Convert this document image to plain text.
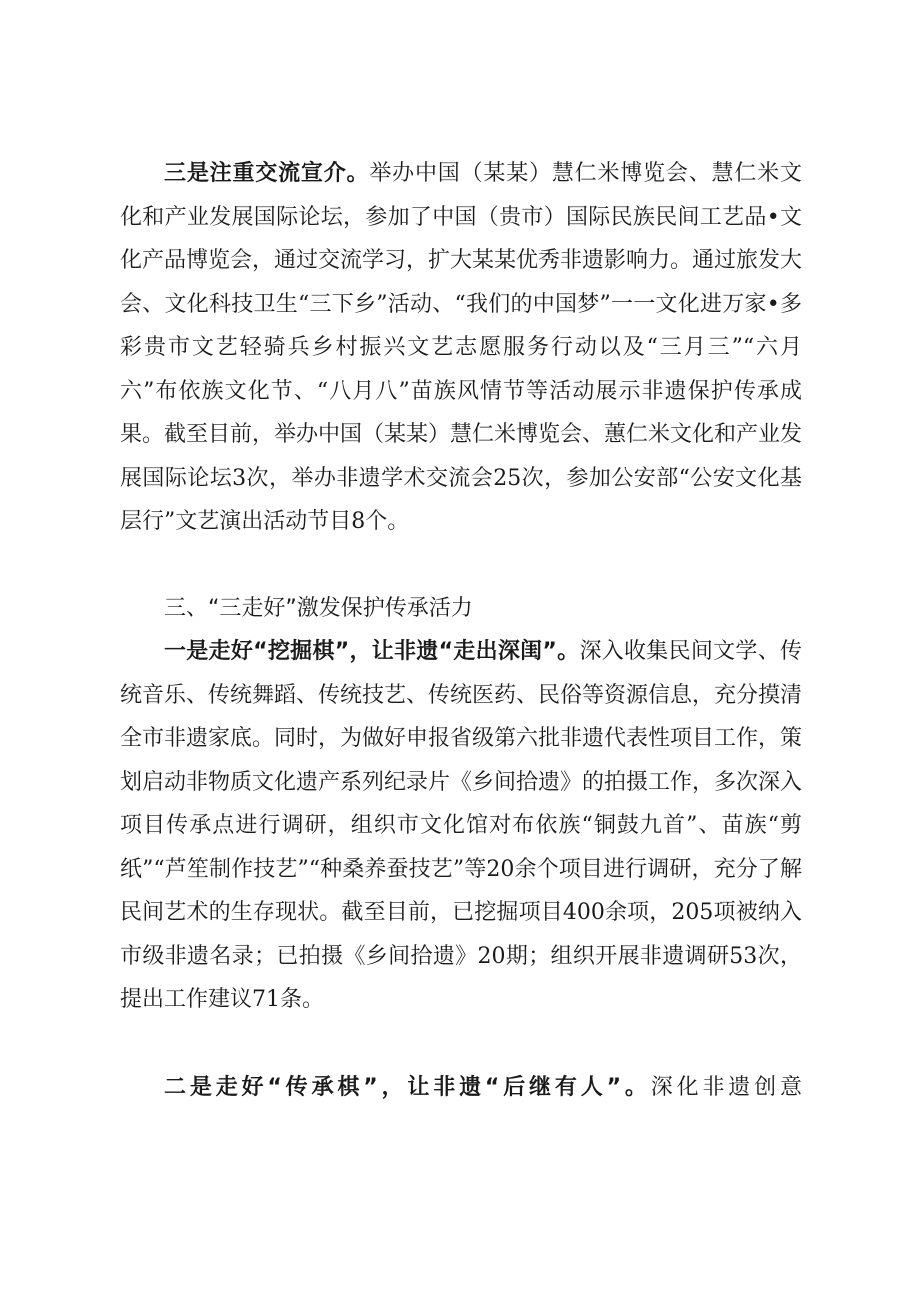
三是注重交流宣介。举办中国（某某）慧仁米博览会、慧仁米文化和产业发展国际论坛，参加了中国（贵市）国际民族民间工艺品•文化产品博览会，通过交流学习，扩大某某优秀非遗影响力。通过旅发大会、文化科技卫生“三下乡”活动、“我们的中国梦”一一文化进万家•多彩贵市文艺轻骑兵乡村振兴文艺志愿服务行动以及“三月三”“六月六”布依族文化节、“八月八”苗族风情节等活动展示非遗保护传承成果。截至目前，举办中国（某某）慧仁米博览会、蕙仁米文化和产业发展国际论坛3次，举办非遗学术交流会25次，参加公安部“公安文化基层行”文艺演出活动节目8个。

三、“三走好”激发保护传承活力

一是走好“挖掘棋”，让非遗“走出深闺”。深入收集民间文学、传统音乐、传统舞蹈、传统技艺、传统医药、民俗等资源信息，充分摸清全市非遗家底。同时，为做好申报省级第六批非遗代表性项目工作，策划启动非物质文化遗产系列纪录片《乡间拾遗》的拍摄工作，多次深入项目传承点进行调研，组织市文化馆对布依族“铜鼓九首”、苗族“剪纸”“芦笙制作技艺”“种桑养蚕技艺”等20余个项目进行调研，充分了解民间艺术的生存现状。截至目前，已挖掘项目400余项，205项被纳入市级非遗名录；已拍摄《乡间拾遗》20期；组织开展非遗调研53次，提出工作建议71条。

二是走好“传承棋”，让非遗“后继有人”。深化非遗创意
